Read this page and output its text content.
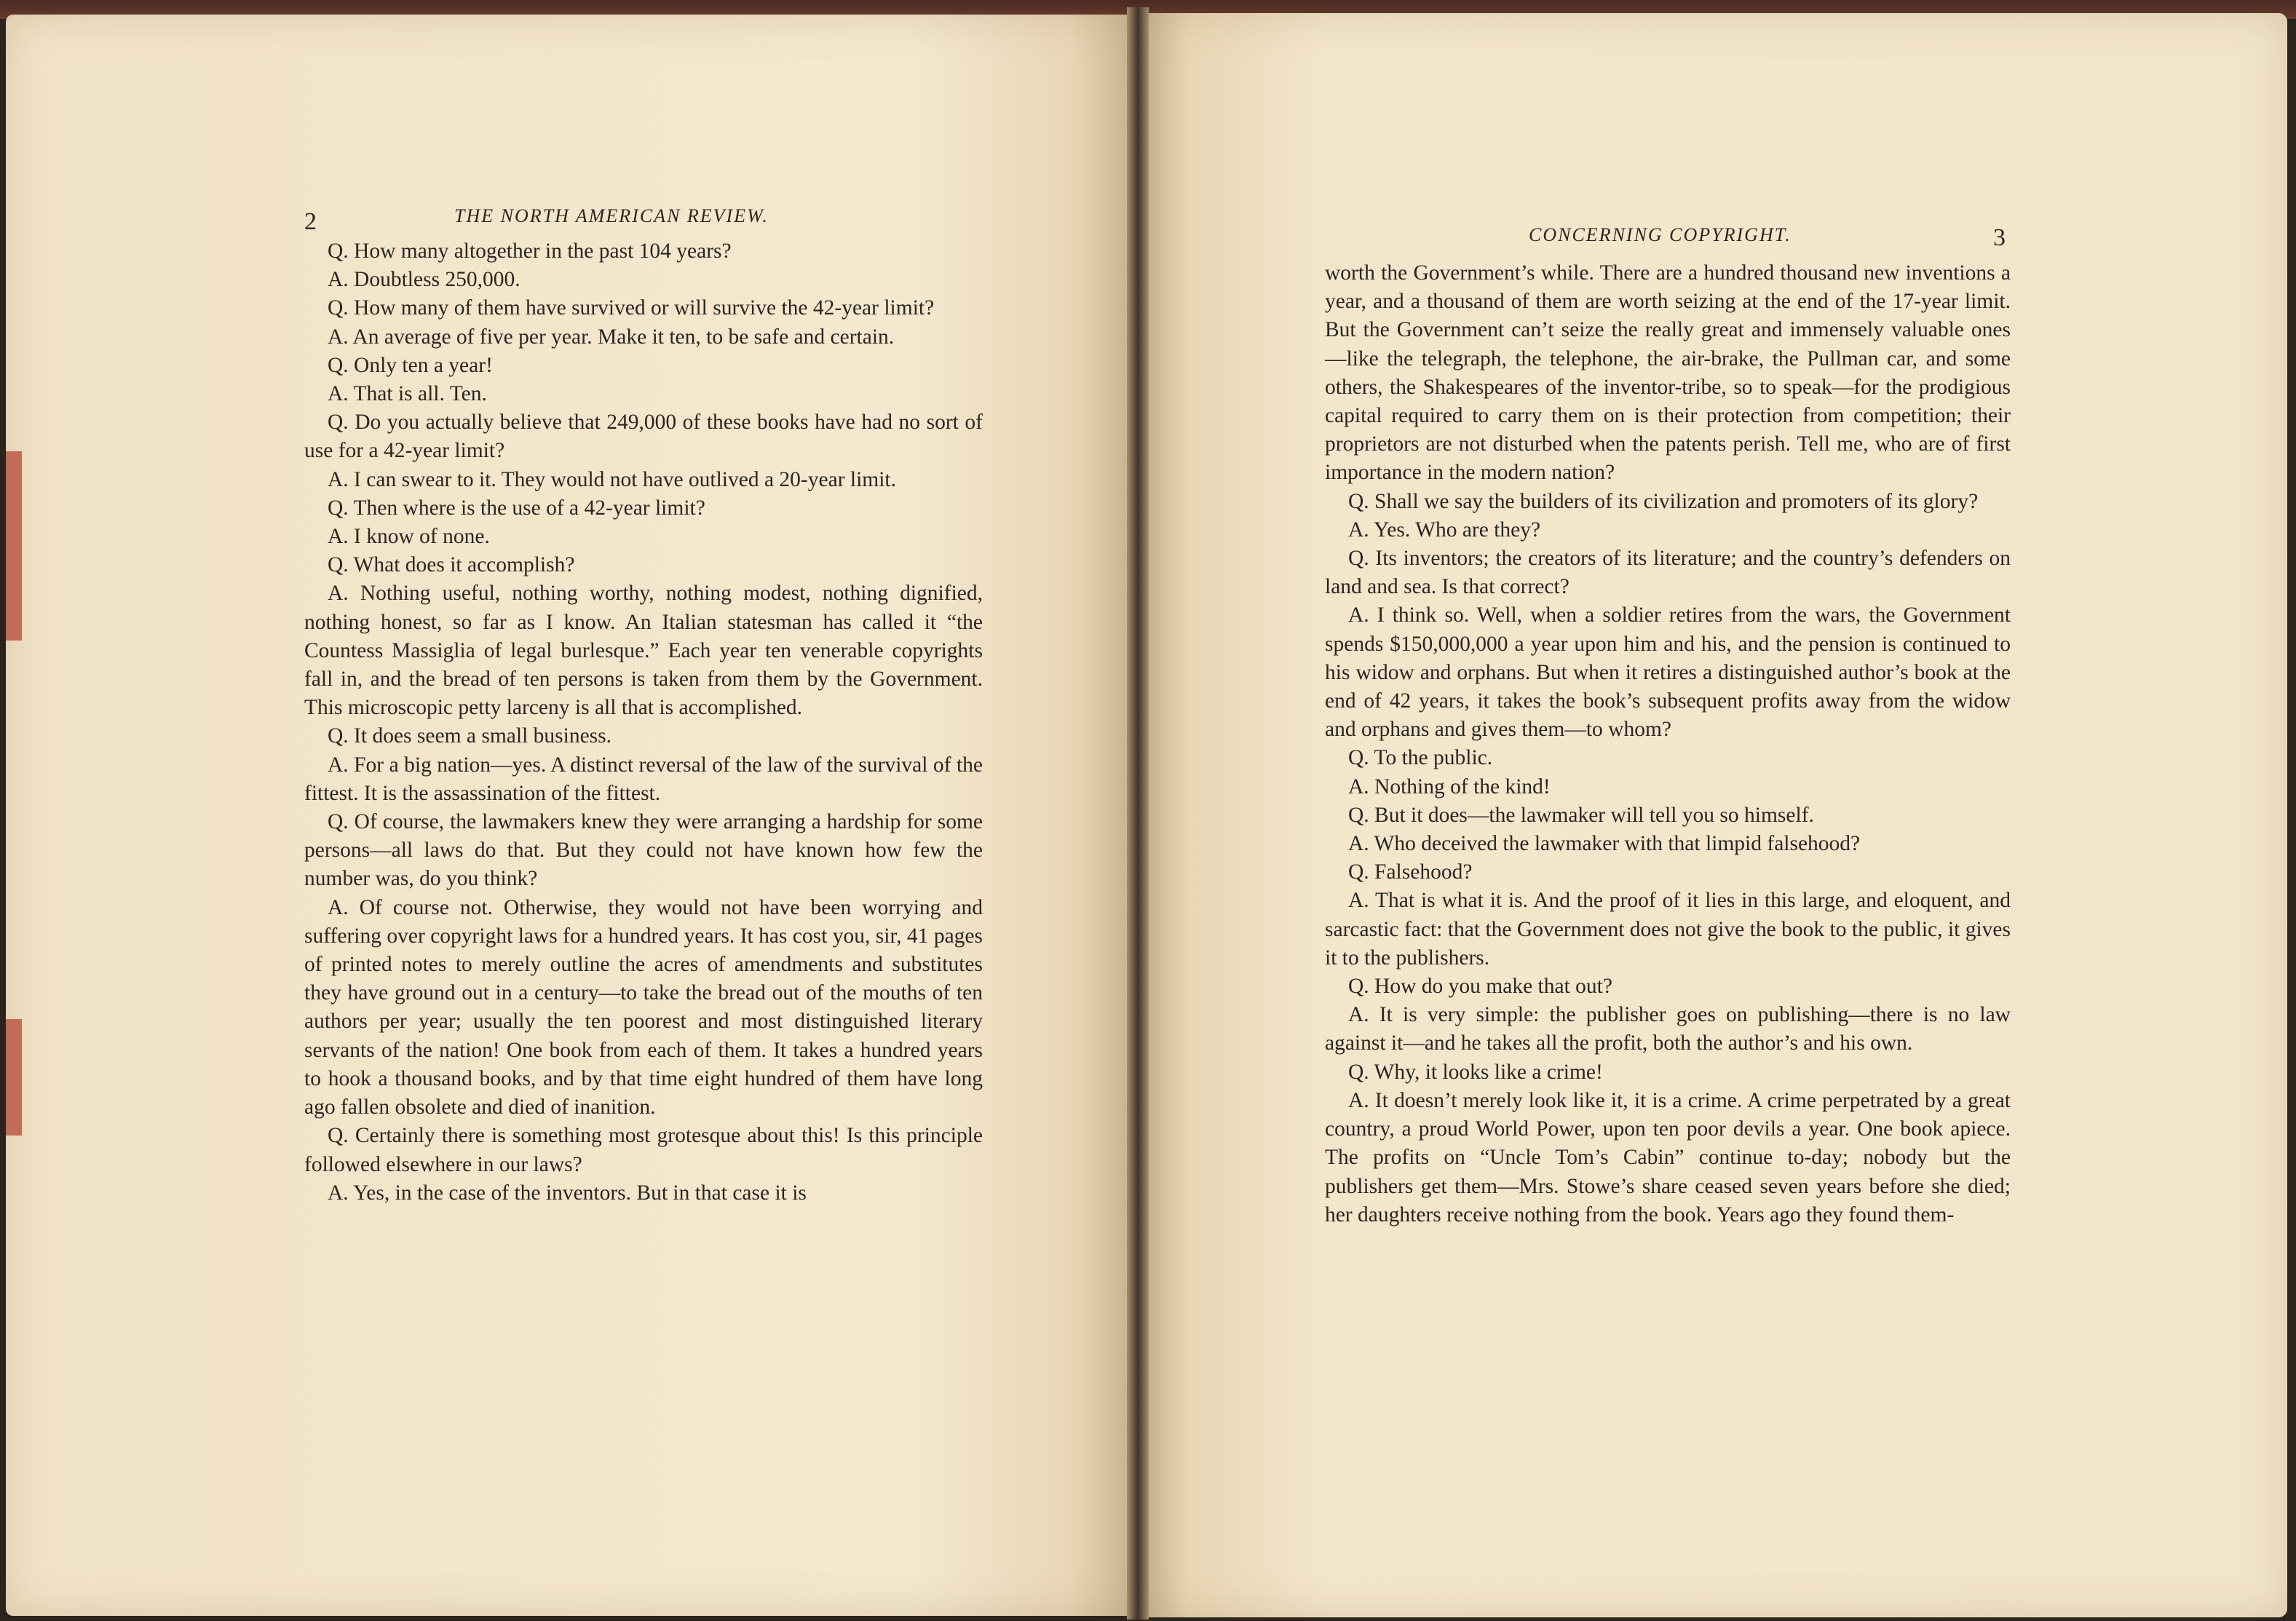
2	THE NORTH AMERICAN REVIEW.

Q. How many altogether in the past 104 years?

A. Doubtless 250,000.

Q. How many of them have survived or will survive the 42-year limit?

A. An average of five per year. Make it ten, to be safe and certain.

Q. Only ten a year!

A. That is all. Ten.

Q. Do you actually believe that 249,000 of these books have had no sort of use for a 42-year limit?

A. I can swear to it. They would not have outlived a 20-year limit.

Q. Then where is the use of a 42-year limit?

A. I know of none.

Q. What does it accomplish?

A. Nothing useful, nothing worthy, nothing modest, nothing dignified, nothing honest, so far as I know. An Italian statesman has called it “the Countess Massiglia of legal burlesque.” Each year ten venerable copyrights fall in, and the bread of ten persons is taken from them by the Government. This microscopic petty larceny is all that is accomplished.

Q. It does seem a small business.

A. For a big nation—yes. A distinct reversal of the law of the survival of the fittest. It is the assassination of the fittest.

Q. Of course, the lawmakers knew they were arranging a hardship for some persons—all laws do that. But they could not have known how few the number was, do you think?

A. Of course not. Otherwise, they would not have been worrying and suffering over copyright laws for a hundred years. It has cost you, sir, 41 pages of printed notes to merely outline the acres of amendments and substitutes they have ground out in a century—to take the bread out of the mouths of ten authors per year; usually the ten poorest and most distinguished literary servants of the nation! One book from each of them. It takes a hundred years to hook a thousand books, and by that time eight hundred of them have long ago fallen obsolete and died of inanition.

Q. Certainly there is something most grotesque about this! Is this principle followed elsewhere in our laws?

A. Yes, in the case of the inventors. But in that case it is

CONCERNING COPYRIGHT.	3

worth the Government’s while. There are a hundred thousand new inventions a year, and a thousand of them are worth seizing at the end of the 17-year limit. But the Government can’t seize the really great and immensely valuable ones—like the telegraph, the telephone, the air-brake, the Pullman car, and some others, the Shakespeares of the inventor-tribe, so to speak—for the prodigious capital required to carry them on is their protection from competition; their proprietors are not disturbed when the patents perish. Tell me, who are of first importance in the modern nation?

Q. Shall we say the builders of its civilization and promoters of its glory?

A. Yes. Who are they?

Q. Its inventors; the creators of its literature; and the country’s defenders on land and sea. Is that correct?

A. I think so. Well, when a soldier retires from the wars, the Government spends $150,000,000 a year upon him and his, and the pension is continued to his widow and orphans. But when it retires a distinguished author’s book at the end of 42 years, it takes the book’s subsequent profits away from the widow and orphans and gives them—to whom?

Q. To the public.

A. Nothing of the kind!

Q. But it does—the lawmaker will tell you so himself.

A. Who deceived the lawmaker with that limpid falsehood?

Q. Falsehood?

A. That is what it is. And the proof of it lies in this large, and eloquent, and sarcastic fact: that the Government does not give the book to the public, it gives it to the publishers.

Q. How do you make that out?

A. It is very simple: the publisher goes on publishing—there is no law against it—and he takes all the profit, both the author’s and his own.

Q. Why, it looks like a crime!

A. It doesn’t merely look like it, it is a crime. A crime perpetrated by a great country, a proud World Power, upon ten poor devils a year. One book apiece. The profits on “Uncle Tom’s Cabin” continue to-day; nobody but the publishers get them—Mrs. Stowe’s share ceased seven years before she died; her daughters receive nothing from the book. Years ago they found them-
